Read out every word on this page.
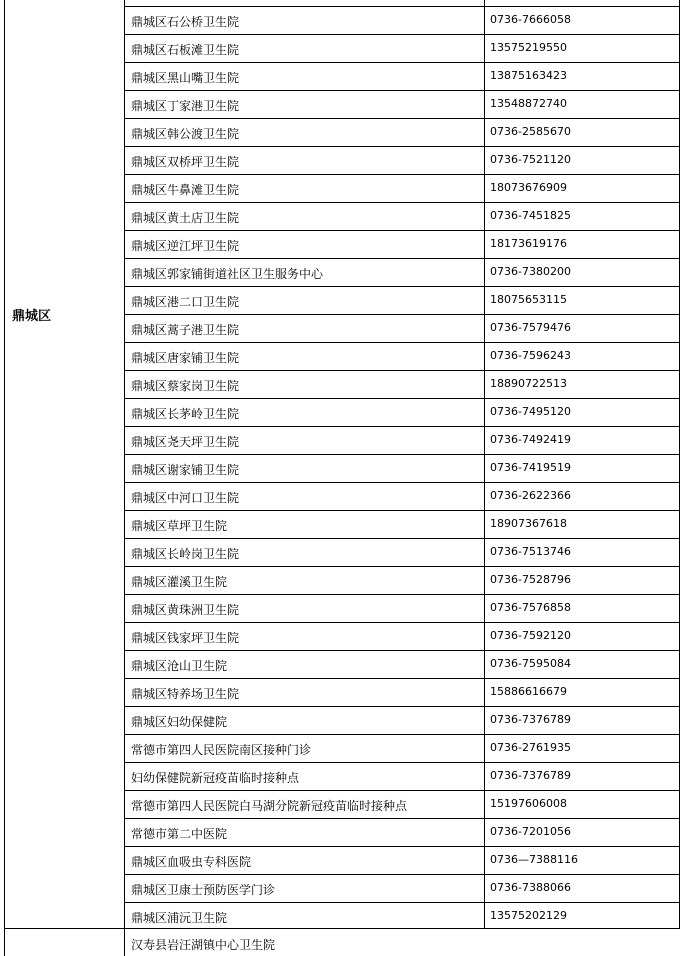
鼎城区
鼎城区石公桥卫生院	0736-7666058
鼎城区石板滩卫生院	13575219550
鼎城区黑山嘴卫生院	13875163423
鼎城区丁家港卫生院	13548872740
鼎城区韩公渡卫生院	0736-2585670
鼎城区双桥坪卫生院	0736-7521120
鼎城区牛鼻滩卫生院	18073676909
鼎城区黄土店卫生院	0736-7451825
鼎城区逆江坪卫生院	18173619176
鼎城区郭家铺街道社区卫生服务中心	0736-7380200
鼎城区港二口卫生院	18075653115
鼎城区蒿子港卫生院	0736-7579476
鼎城区唐家铺卫生院	0736-7596243
鼎城区蔡家岗卫生院	18890722513
鼎城区长茅岭卫生院	0736-7495120
鼎城区尧天坪卫生院	0736-7492419
鼎城区谢家铺卫生院	0736-7419519
鼎城区中河口卫生院	0736-2622366
鼎城区草坪卫生院	18907367618
鼎城区长岭岗卫生院	0736-7513746
鼎城区灌溪卫生院	0736-7528796
鼎城区黄珠洲卫生院	0736-7576858
鼎城区钱家坪卫生院	0736-7592120
鼎城区沧山卫生院	0736-7595084
鼎城区特养场卫生院	15886616679
鼎城区妇幼保健院	0736-7376789
常德市第四人民医院南区接种门诊	0736-2761935
妇幼保健院新冠疫苗临时接种点	0736-7376789
常德市第四人民医院白马湖分院新冠疫苗临时接种点	15197606008
常德市第二中医院	0736-7201056
鼎城区血吸虫专科医院	0736—7388116
鼎城区卫康士预防医学门诊	0736-7388066
鼎城区浦沅卫生院	13575202129
汉寿县岩汪湖镇中心卫生院
